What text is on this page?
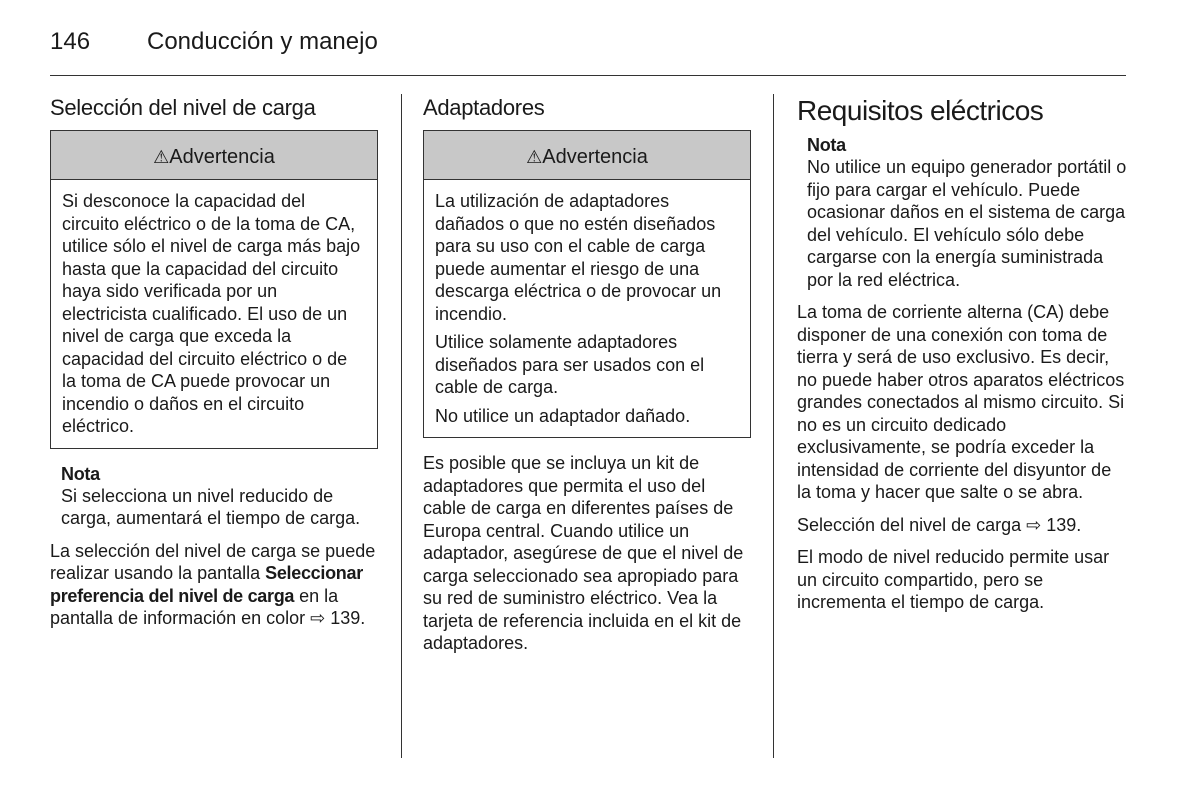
146 Conducción y manejo
Selección del nivel de carga
⚠Advertencia

Si desconoce la capacidad del circuito eléctrico o de la toma de CA, utilice sólo el nivel de carga más bajo hasta que la capacidad del circuito haya sido verificada por un electricista cualificado. El uso de un nivel de carga que exceda la capacidad del circuito eléctrico o de la toma de CA puede provocar un incendio o daños en el circuito eléctrico.

Nota
Si selecciona un nivel reducido de carga, aumentará el tiempo de carga.

La selección del nivel de carga se puede realizar usando la pantalla Seleccionar preferencia del nivel de carga en la pantalla de información en color ⇨ 139.

Adaptadores
⚠Advertencia

La utilización de adaptadores dañados o que no estén diseñados para su uso con el cable de carga puede aumentar el riesgo de una descarga eléctrica o de provocar un incendio.

Utilice solamente adaptadores diseñados para ser usados con el cable de carga.

No utilice un adaptador dañado.

Es posible que se incluya un kit de adaptadores que permita el uso del cable de carga en diferentes países de Europa central. Cuando utilice un adaptador, asegúrese de que el nivel de carga seleccionado sea apropiado para su red de suministro eléctrico. Vea la tarjeta de referencia incluida en el kit de adaptadores.

Requisitos eléctricos
Nota
No utilice un equipo generador portátil o fijo para cargar el vehículo. Puede ocasionar daños en el sistema de carga del vehículo. El vehículo sólo debe cargarse con la energía suministrada por la red eléctrica.

La toma de corriente alterna (CA) debe disponer de una conexión con toma de tierra y será de uso exclusivo. Es decir, no puede haber otros aparatos eléctricos grandes conectados al mismo circuito. Si no es un circuito dedicado exclusivamente, se podría exceder la intensidad de corriente del disyuntor de la toma y hacer que salte o se abra.

Selección del nivel de carga ⇨ 139.

El modo de nivel reducido permite usar un circuito compartido, pero se incrementa el tiempo de carga.
